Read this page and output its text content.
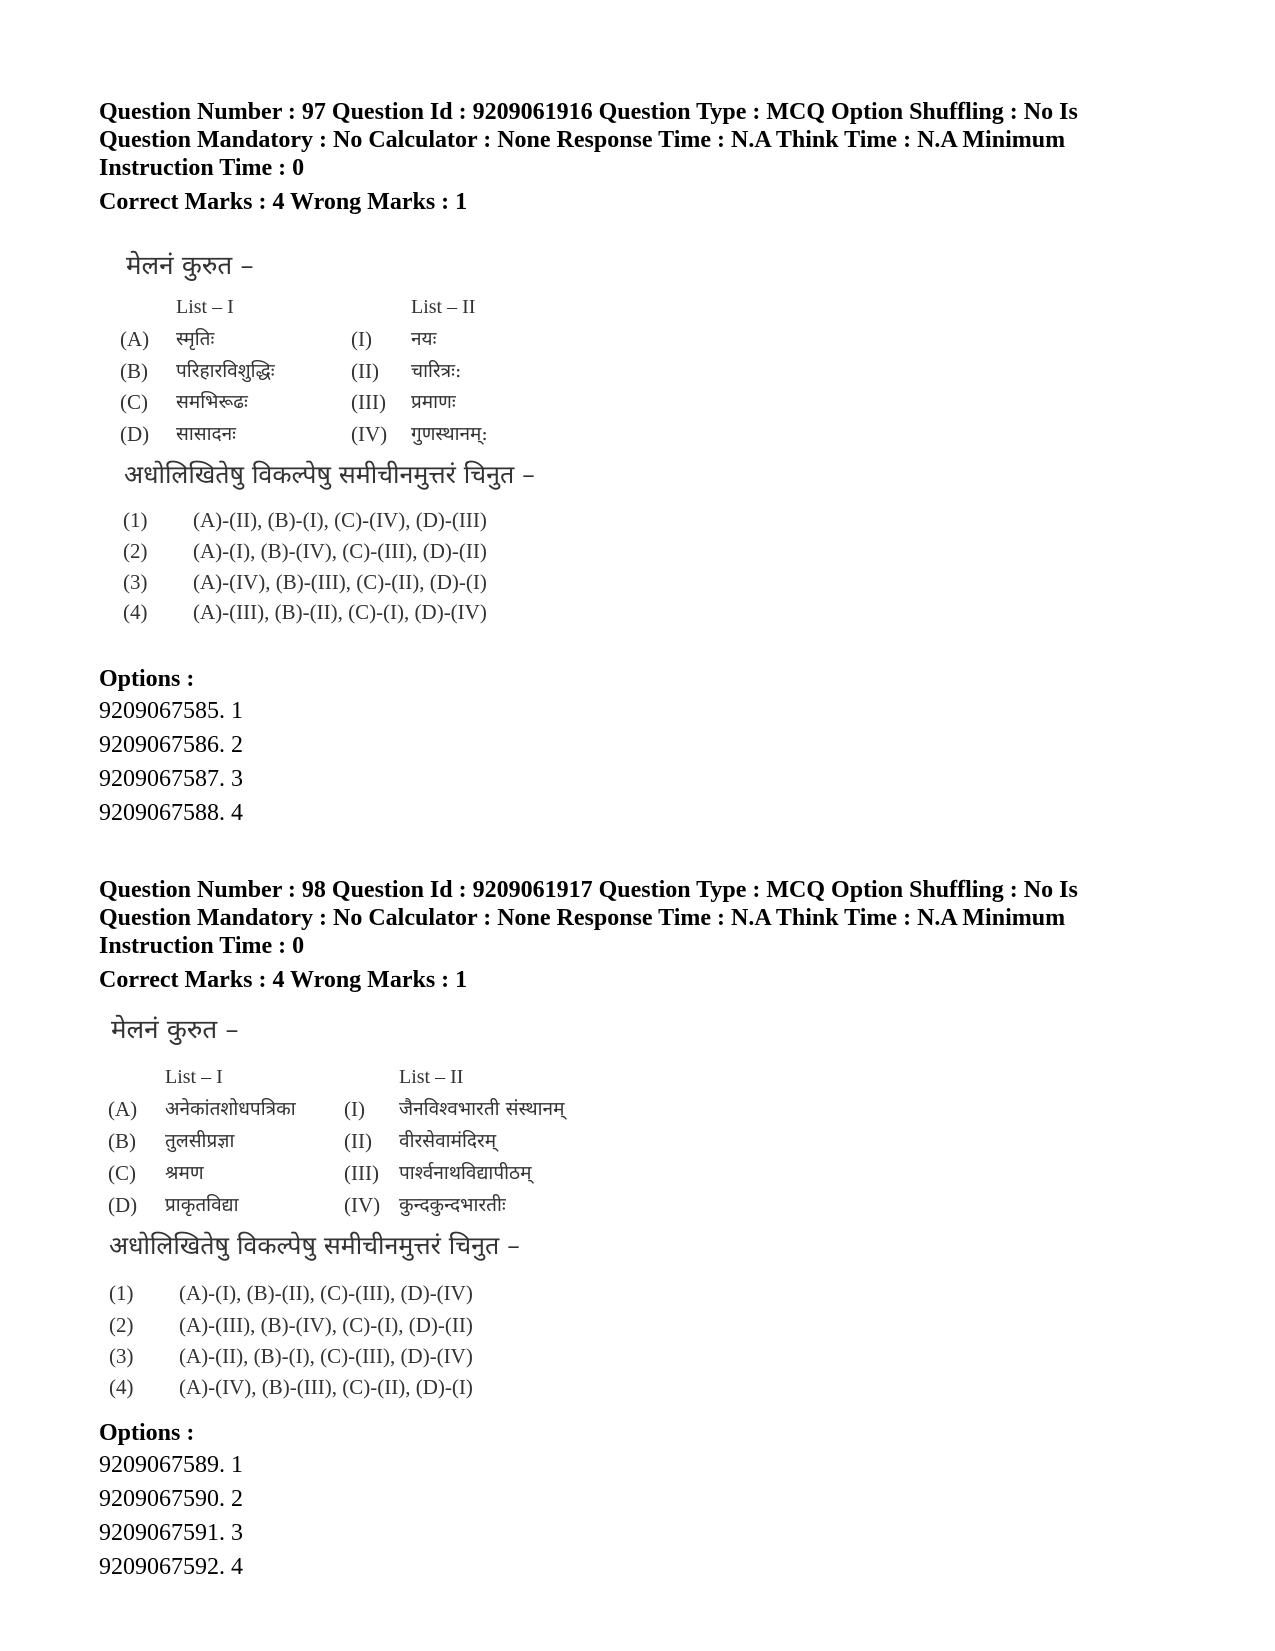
Question Number : 97 Question Id : 9209061916 Question Type : MCQ Option Shuffling : No Is
Question Mandatory : No Calculator : None Response Time : N.A Think Time : N.A Minimum
Instruction Time : 0
Correct Marks : 4 Wrong Marks : 1
मेलनं कुरुत –
List – I	List – II
(A) स्मृतिः	(I) नयः
(B) परिहारविशुद्धिः	(II) चारित्रः:
(C) समभिरूढः	(III) प्रमाणः
(D) सासादनः	(IV) गुणस्थानम्:
अधोलिखितेषु विकल्पेषु समीचीनमुत्तरं चिनुत –
(1) (A)-(II), (B)-(I), (C)-(IV), (D)-(III)
(2) (A)-(I), (B)-(IV), (C)-(III), (D)-(II)
(3) (A)-(IV), (B)-(III), (C)-(II), (D)-(I)
(4) (A)-(III), (B)-(II), (C)-(I), (D)-(IV)
Options :
9209067585. 1
9209067586. 2
9209067587. 3
9209067588. 4
Question Number : 98 Question Id : 9209061917 Question Type : MCQ Option Shuffling : No Is
Question Mandatory : No Calculator : None Response Time : N.A Think Time : N.A Minimum
Instruction Time : 0
Correct Marks : 4 Wrong Marks : 1
मेलनं कुरुत –
List – I	List – II
(A) अनेकांतशोधपत्रिका (I) जैनविश्वभारती संस्थानम्
(B) तुलसीप्रज्ञा	(II) वीरसेवामंदिरम्
(C) श्रमण	(III) पार्श्वनाथविद्यापीठम्
(D) प्राकृतविद्या	(IV) कुन्दकुन्दभारतीः
अधोलिखितेषु विकल्पेषु समीचीनमुत्तरं चिनुत –
(1) (A)-(I), (B)-(II), (C)-(III), (D)-(IV)
(2) (A)-(III), (B)-(IV), (C)-(I), (D)-(II)
(3) (A)-(II), (B)-(I), (C)-(III), (D)-(IV)
(4) (A)-(IV), (B)-(III), (C)-(II), (D)-(I)
Options :
9209067589. 1
9209067590. 2
9209067591. 3
9209067592. 4
